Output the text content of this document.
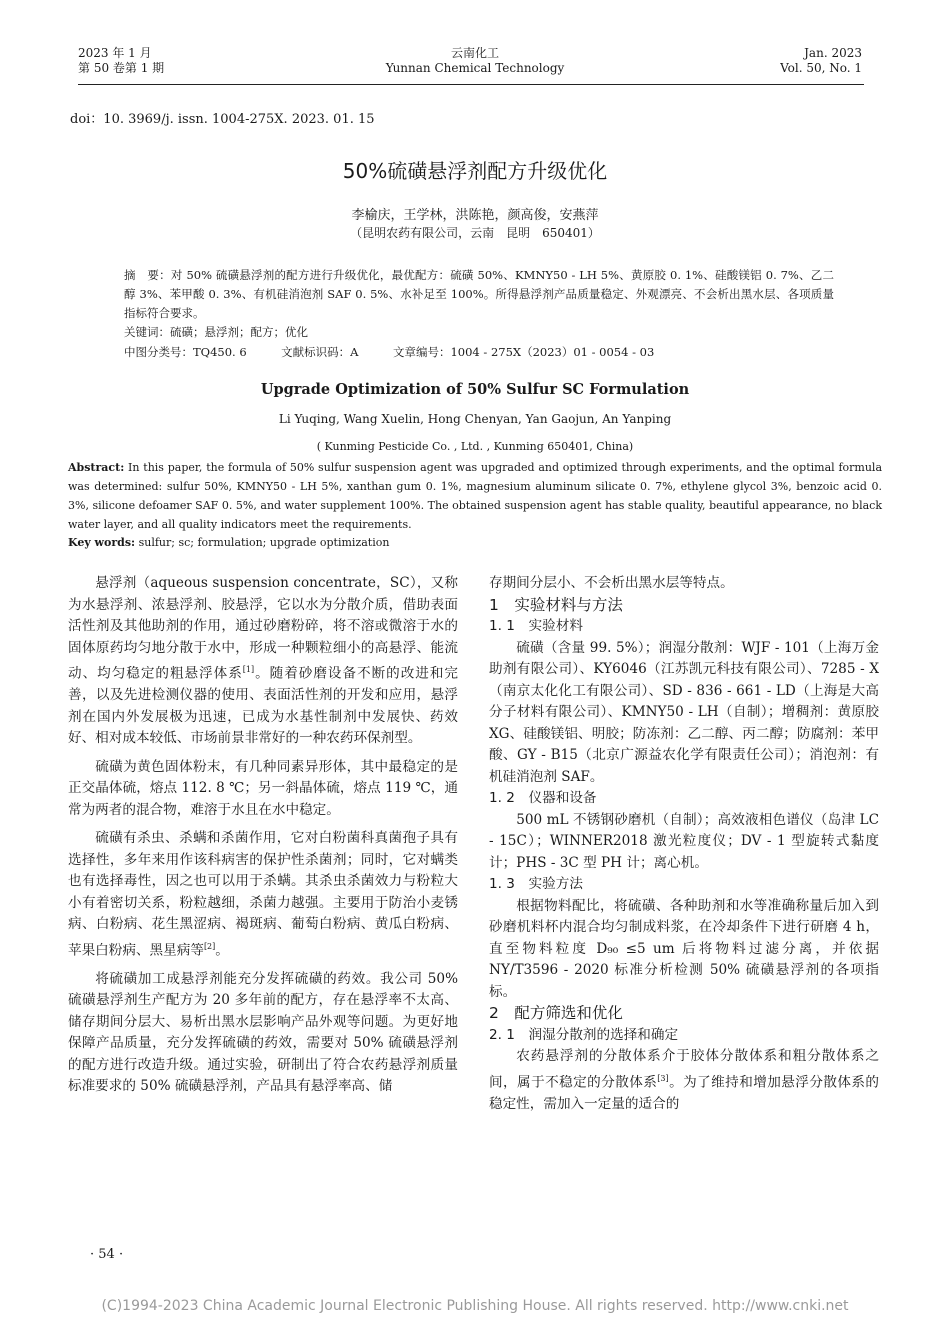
2023 年 1 月
第 50 卷第 1 期
云南化工
Yunnan Chemical Technology
Jan. 2023
Vol. 50, No. 1
doi：10. 3969/j. issn. 1004-275X. 2023. 01. 15
50%硫磺悬浮剂配方升级优化
李榆庆，王学林，洪陈艳，颜高俊，安燕萍
（昆明农药有限公司，云南　昆明　650401）
摘　要：对 50% 硫磺悬浮剂的配方进行升级优化，最优配方：硫磺 50%、KMNY50 - LH 5%、黄原胶 0. 1%、硅酸镁铝 0. 7%、乙二醇 3%、苯甲酸 0. 3%、有机硅消泡剂 SAF 0. 5%、水补足至 100%。所得悬浮剂产品质量稳定、外观漂亮、不会析出黑水层、各项质量指标符合要求。
关键词：硫磺；悬浮剂；配方；优化
中图分类号：TQ450. 6　　　文献标识码：A　　　文章编号：1004 - 275X（2023）01 - 0054 - 03
Upgrade Optimization of 50% Sulfur SC Formulation
Li Yuqing, Wang Xuelin, Hong Chenyan, Yan Gaojun, An Yanping
( Kunming Pesticide Co. , Ltd. , Kunming 650401, China)
Abstract: In this paper, the formula of 50% sulfur suspension agent was upgraded and optimized through experiments, and the optimal formula was determined: sulfur 50%, KMNY50 - LH 5%, xanthan gum 0. 1%, magnesium aluminum silicate 0. 7%, ethylene glycol 3%, benzoic acid 0. 3%, silicone defoamer SAF 0. 5%, and water supplement 100%. The obtained suspension agent has stable quality, beautiful appearance, no black water layer, and all quality indicators meet the requirements.
Key words: sulfur; sc; formulation; upgrade optimization

悬浮剂（aqueous suspension concentrate，SC），又称为水悬浮剂、浓悬浮剂、胶悬浮，它以水为分散介质，借助表面活性剂及其他助剂的作用，通过砂磨粉碎，将不溶或微溶于水的固体原药均匀地分散于水中，形成一种颗粒细小的高悬浮、能流动、均匀稳定的粗悬浮体系[1]。随着砂磨设备不断的改进和完善，以及先进检测仪器的使用、表面活性剂的开发和应用，悬浮剂在国内外发展极为迅速，已成为水基性制剂中发展快、药效好、相对成本较低、市场前景非常好的一种农药环保剂型。

硫磺为黄色固体粉末，有几种同素异形体，其中最稳定的是正交晶体硫，熔点 112. 8 ℃；另一斜晶体硫，熔点 119 ℃，通常为两者的混合物，难溶于水且在水中稳定。

硫磺有杀虫、杀螨和杀菌作用，它对白粉菌科真菌孢子具有选择性，多年来用作该科病害的保护性杀菌剂；同时，它对螨类也有选择毒性，因之也可以用于杀螨。其杀虫杀菌效力与粉粒大小有着密切关系，粉粒越细，杀菌力越强。主要用于防治小麦锈病、白粉病、花生黑涩病、褐斑病、葡萄白粉病、黄瓜白粉病、苹果白粉病、黑星病等[2]。

将硫磺加工成悬浮剂能充分发挥硫磺的药效。我公司 50% 硫磺悬浮剂生产配方为 20 多年前的配方，存在悬浮率不太高、储存期间分层大、易析出黑水层影响产品外观等问题。为更好地保障产品质量，充分发挥硫磺的药效，需要对 50% 硫磺悬浮剂的配方进行改造升级。通过实验，研制出了符合农药悬浮剂质量标准要求的 50% 硫磺悬浮剂，产品具有悬浮率高、储

存期间分层小、不会析出黑水层等特点。

1　实验材料与方法

1. 1　实验材料

硫磺（含量 99. 5%）；润湿分散剂：WJF - 101（上海万金助剂有限公司）、KY6046（江苏凯元科技有限公司）、7285 - X（南京太化化工有限公司）、SD - 836 - 661 - LD（上海是大高分子材料有限公司）、KMNY50 - LH（自制）；增稠剂：黄原胶 XG、硅酸镁铝、明胶；防冻剂：乙二醇、丙二醇；防腐剂：苯甲酸、GY - B15（北京广源益农化学有限责任公司）；消泡剂：有机硅消泡剂 SAF。

1. 2　仪器和设备

500 mL 不锈钢砂磨机（自制）；高效液相色谱仪（岛津 LC - 15C）；WINNER2018 激光粒度仪；DV - 1 型旋转式黏度计；PHS - 3C 型 PH 计；离心机。

1. 3　实验方法

根据物料配比，将硫磺、各种助剂和水等准确称量后加入到砂磨机料杯内混合均匀制成料浆，在冷却条件下进行研磨 4 h，直至物料粒度 D₉₀ ≤5 um 后将物料过滤分离，并依据 NY/T3596 - 2020 标准分析检测 50% 硫磺悬浮剂的各项指标。

2　配方筛选和优化

2. 1　润湿分散剂的选择和确定

农药悬浮剂的分散体系介于胶体分散体系和粗分散体系之间，属于不稳定的分散体系[3]。为了维持和增加悬浮分散体系的稳定性，需加入一定量的适合的

· 54 ·
(C)1994-2023 China Academic Journal Electronic Publishing House. All rights reserved. http://www.cnki.net
